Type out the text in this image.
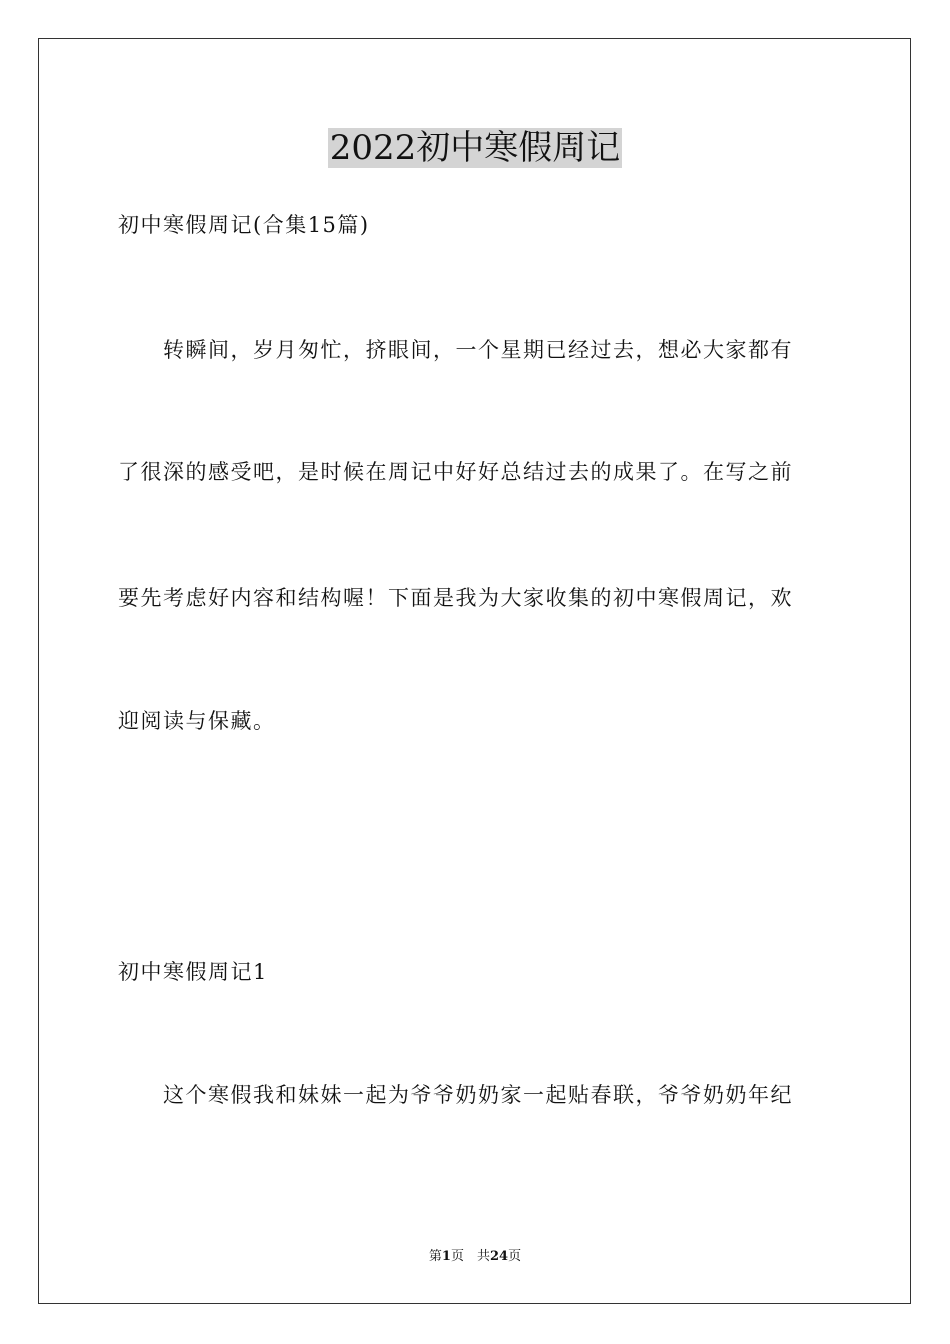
2022初中寒假周记

初中寒假周记(合集15篇)

转瞬间，岁月匆忙，挤眼间，一个星期已经过去，想必大家都有

了很深的感受吧，是时候在周记中好好总结过去的成果了。在写之前

要先考虑好内容和结构喔！下面是我为大家收集的初中寒假周记，欢

迎阅读与保藏。

初中寒假周记1

这个寒假我和妹妹一起为爷爷奶奶家一起贴春联，爷爷奶奶年纪

第1页　共24页
